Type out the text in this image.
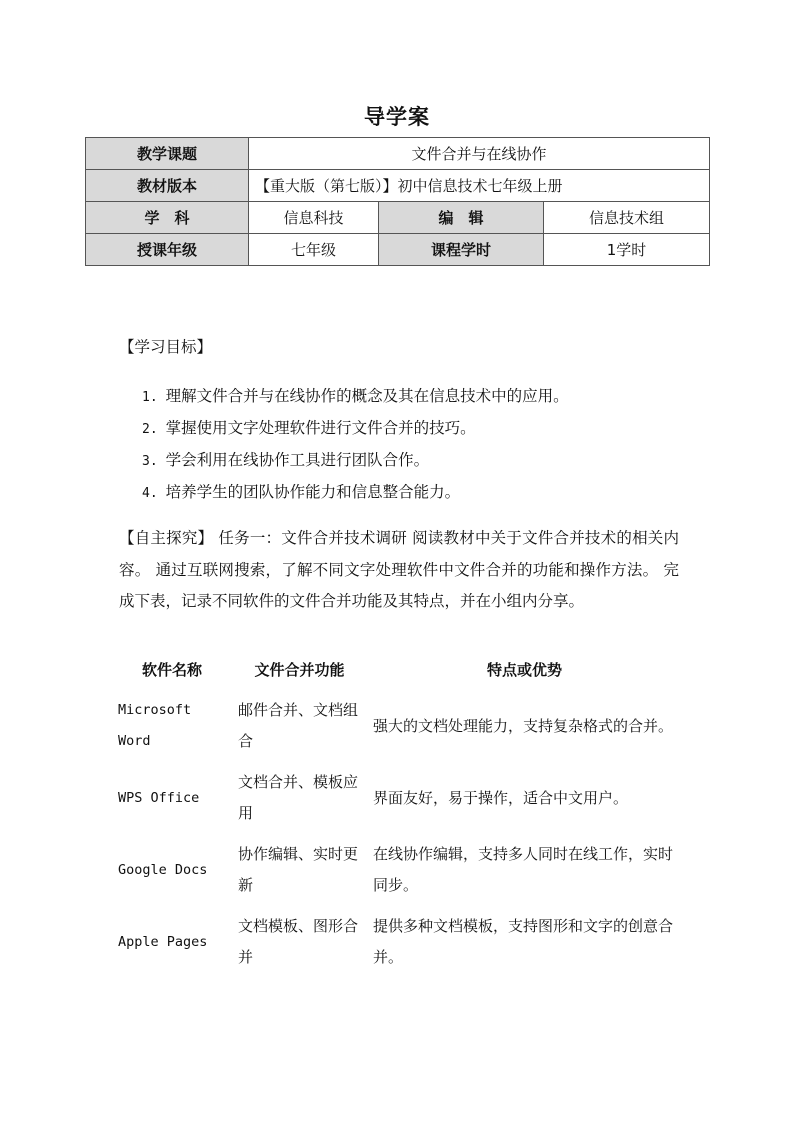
导学案
教学课题	文件合并与在线协作		
教材版本	【重大版（第七版）】初中信息技术七年级上册		
学　科	信息科技	编　辑	信息技术组
授课年级	七年级	课程学时	1学时
【学习目标】
1. 理解文件合并与在线协作的概念及其在信息技术中的应用。
2. 掌握使用文字处理软件进行文件合并的技巧。
3. 学会利用在线协作工具进行团队合作。
4. 培养学生的团队协作能力和信息整合能力。
【自主探究】 任务一：文件合并技术调研 阅读教材中关于文件合并技术的相关内容。 通过互联网搜索，了解不同文字处理软件中文件合并的功能和操作方法。 完成下表，记录不同软件的文件合并功能及其特点，并在小组内分享。
软件名称	文件合并功能	特点或优势
Microsoft Word	邮件合并、文档组合	强大的文档处理能力，支持复杂格式的合并。
WPS Office	文档合并、模板应用	界面友好，易于操作，适合中文用户。
Google Docs	协作编辑、实时更新	在线协作编辑，支持多人同时在线工作，实时同步。
Apple Pages	文档模板、图形合并	提供多种文档模板，支持图形和文字的创意合并。
